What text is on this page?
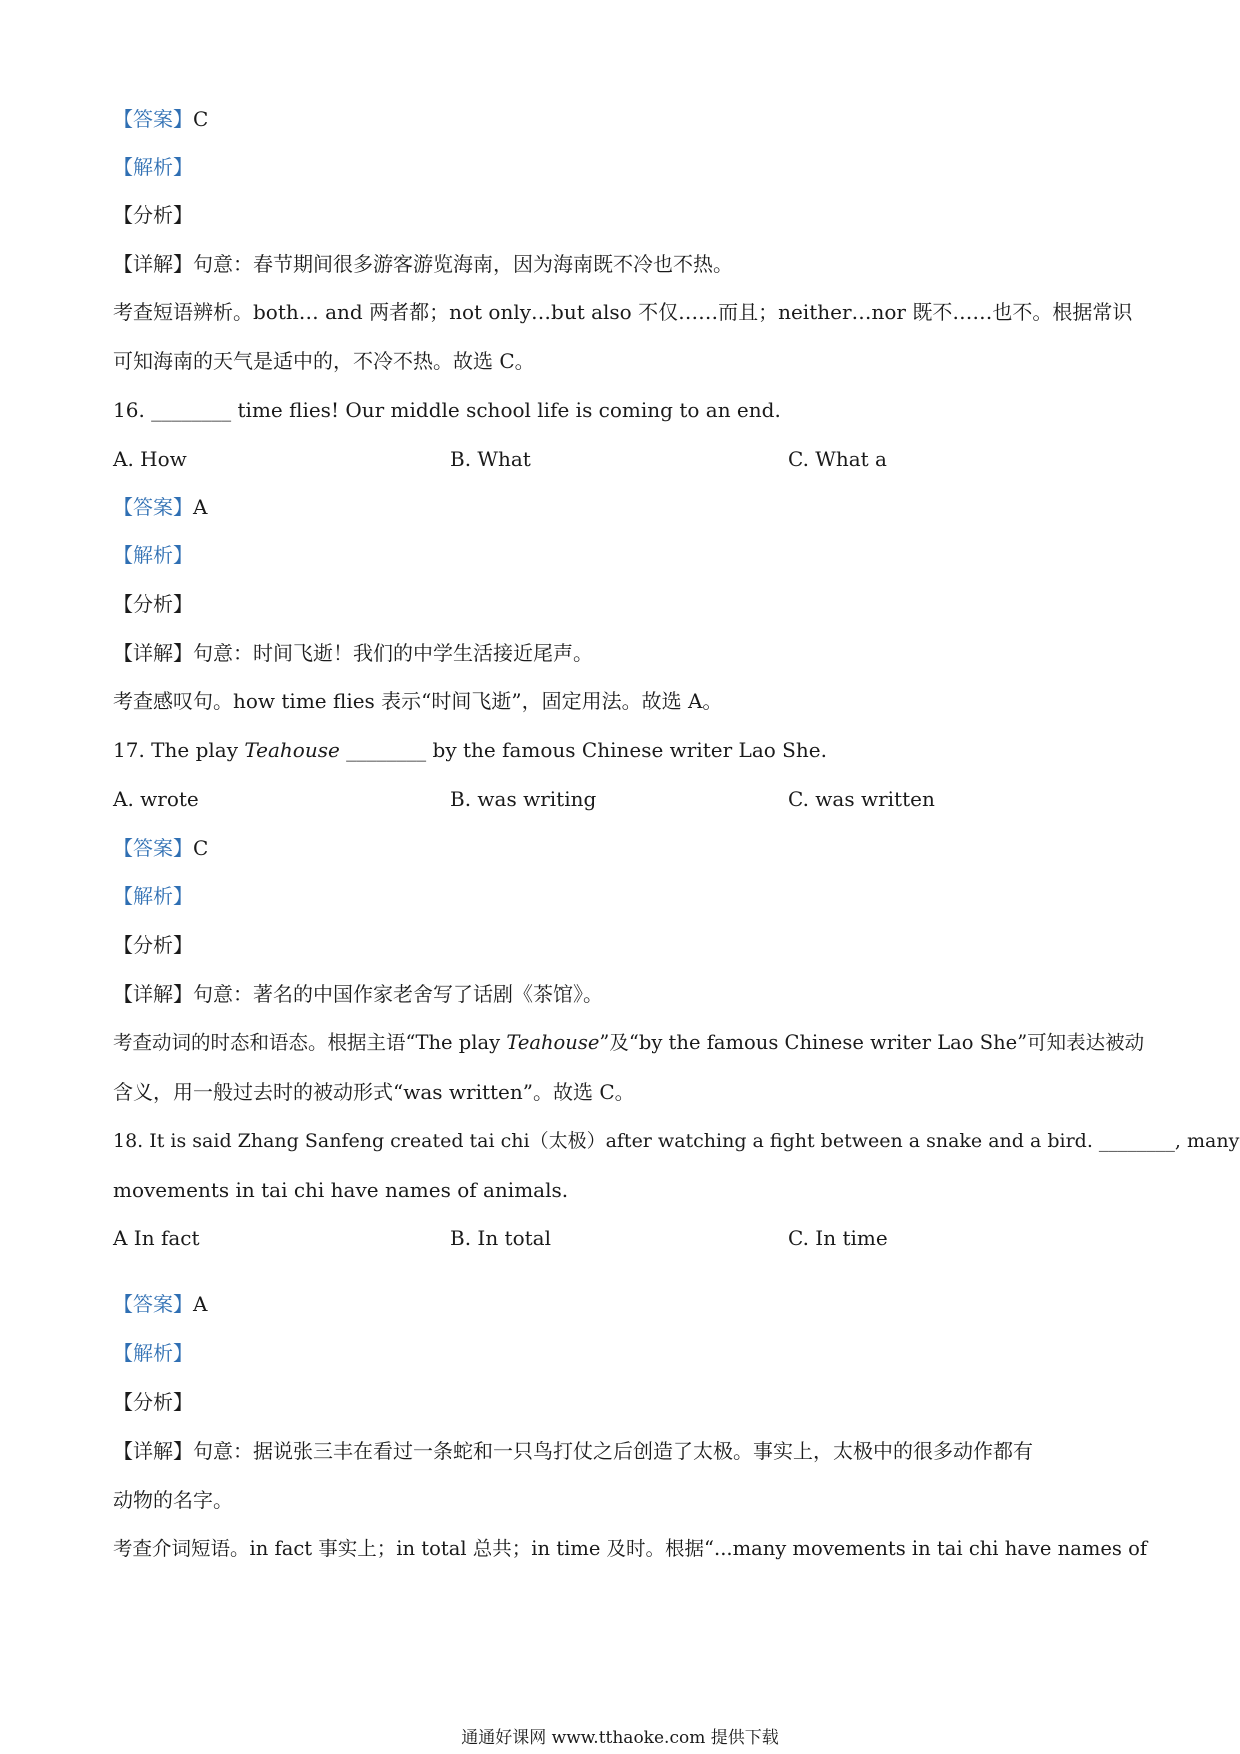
【答案】C
【解析】
【分析】
【详解】句意：春节期间很多游客游览海南，因为海南既不冷也不热。
考查短语辨析。both… and 两者都；not only…but also 不仅……而且；neither…nor 既不……也不。根据常识
可知海南的天气是适中的，不冷不热。故选 C。
16. ________ time flies! Our middle school life is coming to an end.
A. How	B. What	C. What a
【答案】A
【解析】
【分析】
【详解】句意：时间飞逝！我们的中学生活接近尾声。
考查感叹句。how time flies 表示“时间飞逝”，固定用法。故选 A。
17. The play Teahouse ________ by the famous Chinese writer Lao She.
A. wrote	B. was writing	C. was written
【答案】C
【解析】
【分析】
【详解】句意：著名的中国作家老舍写了话剧《茶馆》。
考查动词的时态和语态。根据主语“The play Teahouse”及“by the famous Chinese writer Lao She”可知表达被动
含义，用一般过去时的被动形式“was written”。故选 C。
18. It is said Zhang Sanfeng created tai chi（太极）after watching a fight between a snake and a bird. ________, many
movements in tai chi have names of animals.
A In fact	B. In total	C. In time
【答案】A
【解析】
【分析】
【详解】句意：据说张三丰在看过一条蛇和一只鸟打仗之后创造了太极。事实上，太极中的很多动作都有
动物的名字。
考查介词短语。in fact 事实上；in total 总共；in time 及时。根据“...many movements in tai chi have names of
通通好课网 www.tthaoke.com 提供下载
